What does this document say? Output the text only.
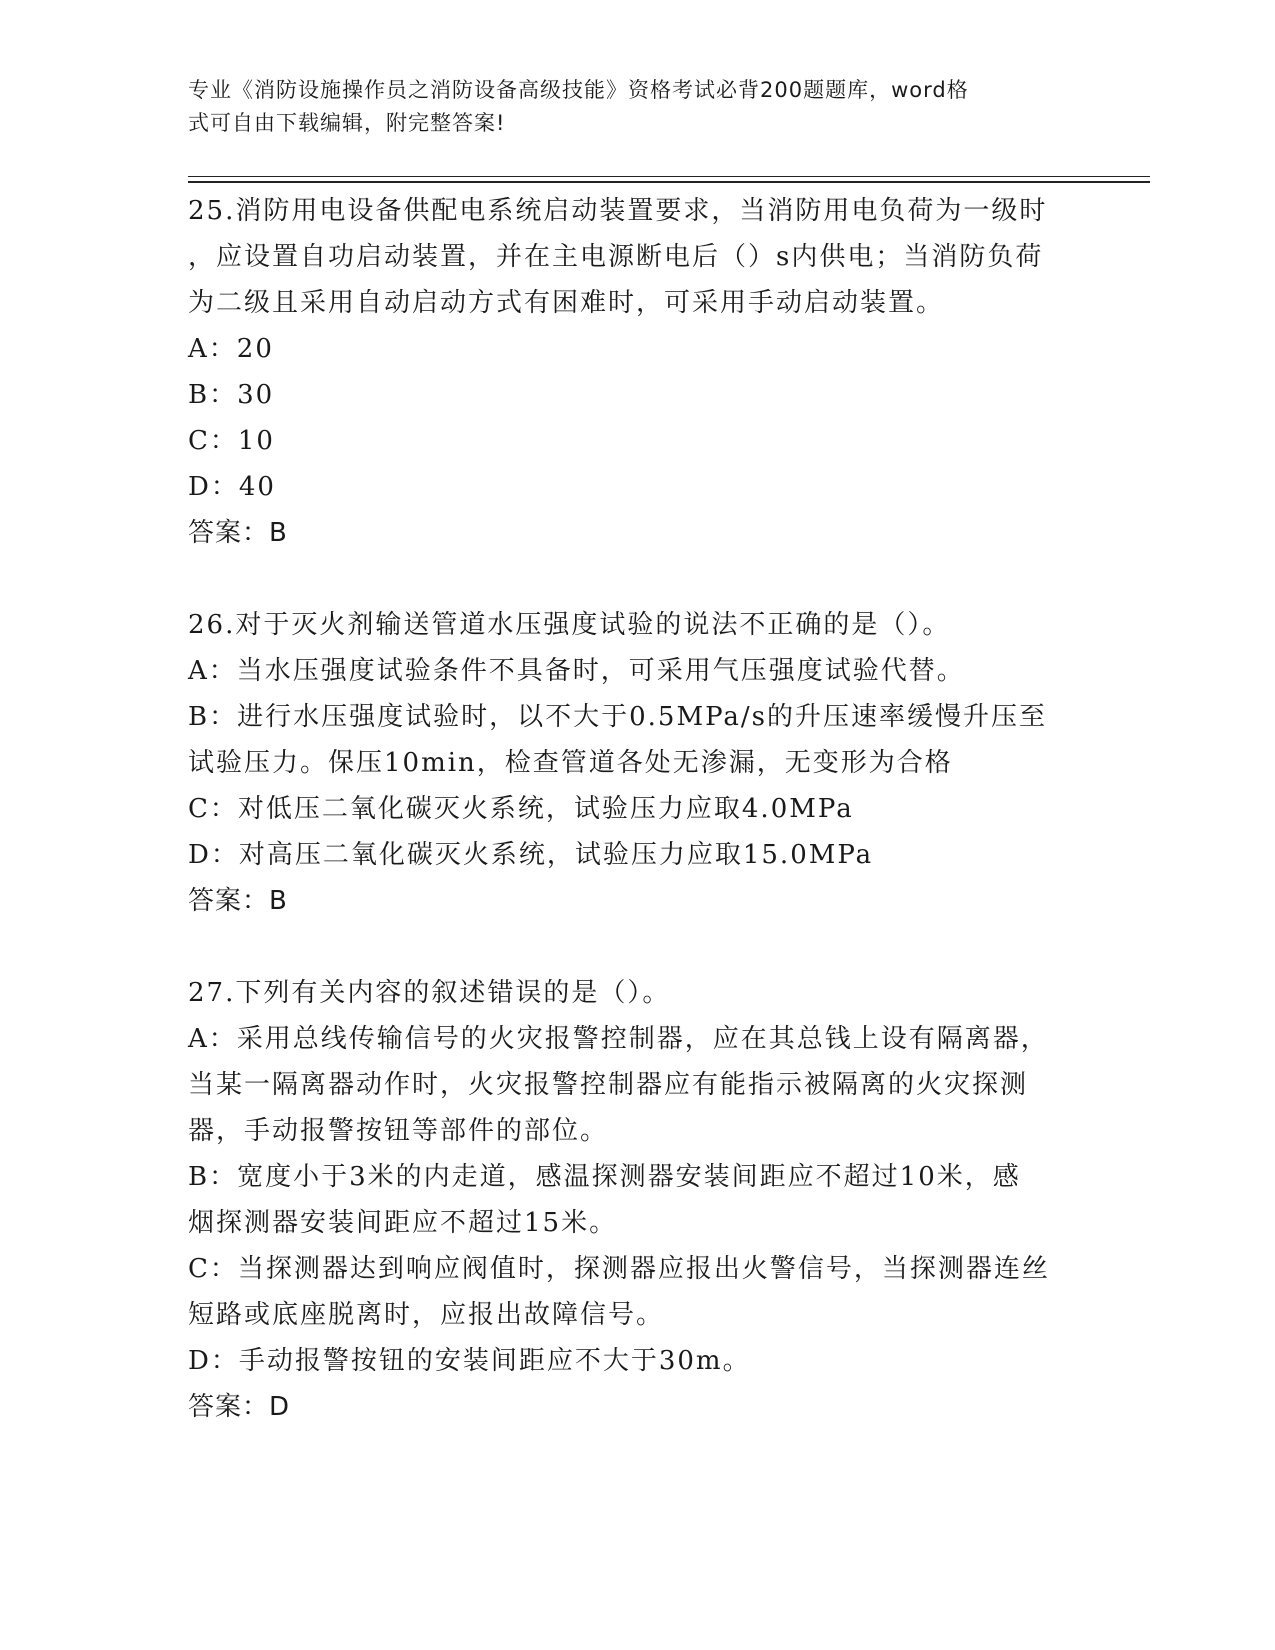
专业《消防设施操作员之消防设备高级技能》资格考试必背200题题库，word格
式可自由下载编辑，附完整答案!
25.消防用电设备供配电系统启动装置要求，当消防用电负荷为一级时
，应设置自功启动装置，并在主电源断电后（）s内供电；当消防负荷
为二级且采用自动启动方式有困难时，可采用手动启动装置。
A：20
B：30
C：10
D：40
答案：B
26.对于灭火剂输送管道水压强度试验的说法不正确的是（）。
A：当水压强度试验条件不具备时，可采用气压强度试验代替。
B：进行水压强度试验时，以不大于0.5MPa/s的升压速率缓慢升压至
试验压力。保压10min，检查管道各处无渗漏，无变形为合格
C：对低压二氧化碳灭火系统，试验压力应取4.0MPa
D：对高压二氧化碳灭火系统，试验压力应取15.0MPa
答案：B
27.下列有关内容的叙述错误的是（）。
A：采用总线传输信号的火灾报警控制器，应在其总钱上设有隔离器，
当某一隔离器动作时，火灾报警控制器应有能指示被隔离的火灾探测
器，手动报警按钮等部件的部位。
B：宽度小于3米的内走道，感温探测器安装间距应不超过10米，感
烟探测器安装间距应不超过15米。
C：当探测器达到响应阀值时，探测器应报出火警信号，当探测器连丝
短路或底座脱离时，应报出故障信号。
D：手动报警按钮的安装间距应不大于30m。
答案：D
